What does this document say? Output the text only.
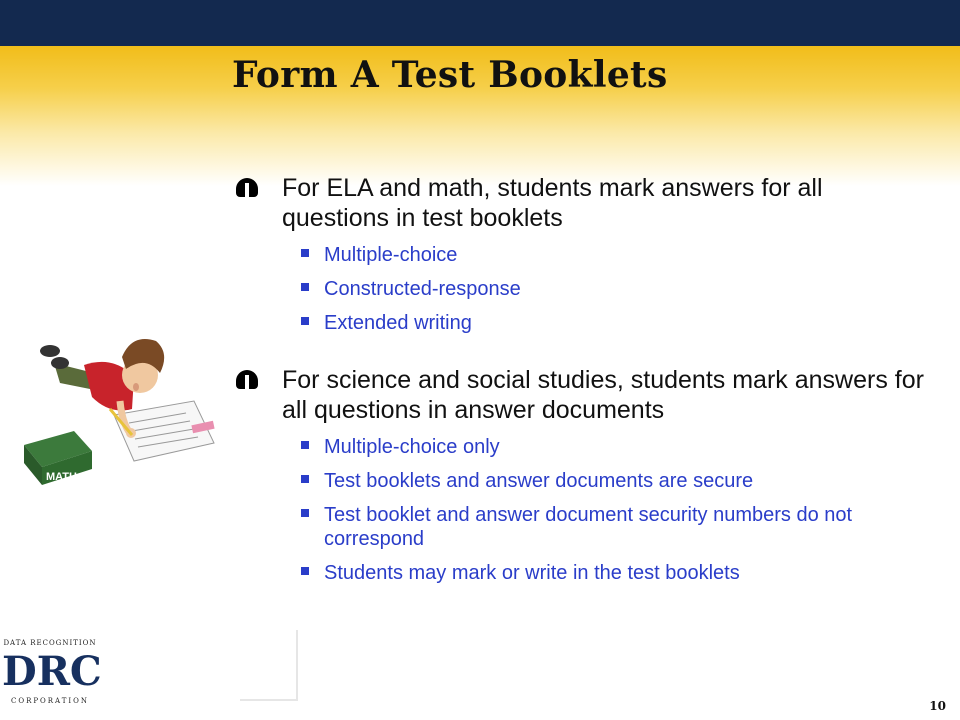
Form A Test Booklets
For ELA and math, students mark answers for all questions in test booklets
Multiple-choice
Constructed-response
Extended writing
For science and social studies, students mark answers for all questions in answer documents
Multiple-choice only
Test booklets and answer documents are secure
Test booklet and answer document security numbers do not correspond
Students may mark or write in the test booklets
MATH
DATA RECOGNITION
DRC
CORPORATION	10
